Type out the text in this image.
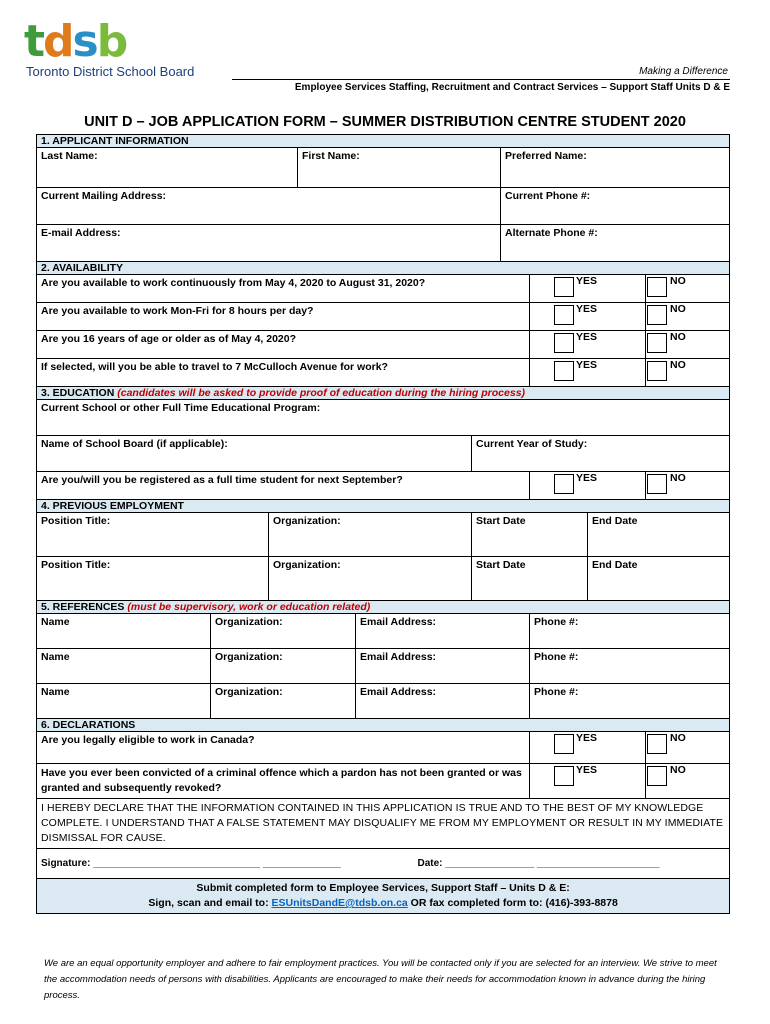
tdsb
Toronto District School Board	Making a Difference
Employee Services Staffing, Recruitment and Contract Services – Support Staff Units D & E
UNIT D – JOB APPLICATION FORM – SUMMER DISTRIBUTION CENTRE STUDENT 2020
1. APPLICANT INFORMATION										
Last Name:			First Name:				Preferred Name:			
Current Mailing Address:							Current Phone #:			
E-mail Address:							Alternate Phone #:			
2. AVAILABILITY										
Are you available to work continuously from May 4, 2020 to August 31, 2020?								YES		NO

Are you available to work Mon-Fri for 8 hours per day?								YES		NO

Are you 16 years of age or older as of May 4, 2020?								YES		NO

If selected, will you be able to travel to 7 McCulloch Avenue for work?								YES		NO

3. EDUCATION (candidates will be asked to provide proof of education during the hiring process)										
Current School or other Full Time Educational Program:										
Name of School Board (if applicable):						Current Year of Study:				
Are you/will you be registered as a full time student for next September?								YES		NO

4. PREVIOUS EMPLOYMENT										
Position Title:		Organization:				Start Date			End Date	
Position Title:		Organization:				Start Date			End Date	
5. REFERENCES (must be supervisory, work or education related)										
Name	Organization:			Email Address:				Phone #:		
Name	Organization:			Email Address:				Phone #:		
Name	Organization:			Email Address:				Phone #:		
6. DECLARATIONS										
Are you legally eligible to work in Canada?								YES		NO

Have you ever been convicted of a criminal offence which a pardon has not been granted or was granted and subsequently revoked?								YES		NO

I HEREBY DECLARE THAT THE INFORMATION CONTAINED IN THIS APPLICATION IS TRUE AND TO THE BEST OF MY KNOWLEDGE COMPLETE. I UNDERSTAND THAT A FALSE STATEMENT MAY DISQUALIFY ME FROM MY EMPLOYMENT OR RESULT IN MY IMMEDIATE DISMISSAL FOR CAUSE.										
Signature: ______________________________ ______________					Date: ________________ ______________________					

Submit completed form to Employee Services, Support Staff – Units D & E:
Sign, scan and email to: ESUnitsDandE@tdsb.on.ca OR fax completed form to: (416)-393-8878										
We are an equal opportunity employer and adhere to fair employment practices. You will be contacted only if you are selected for an interview. We strive to meet the accommodation needs of persons with disabilities. Applicants are encouraged to make their needs for accommodation known in advance during the hiring process.
